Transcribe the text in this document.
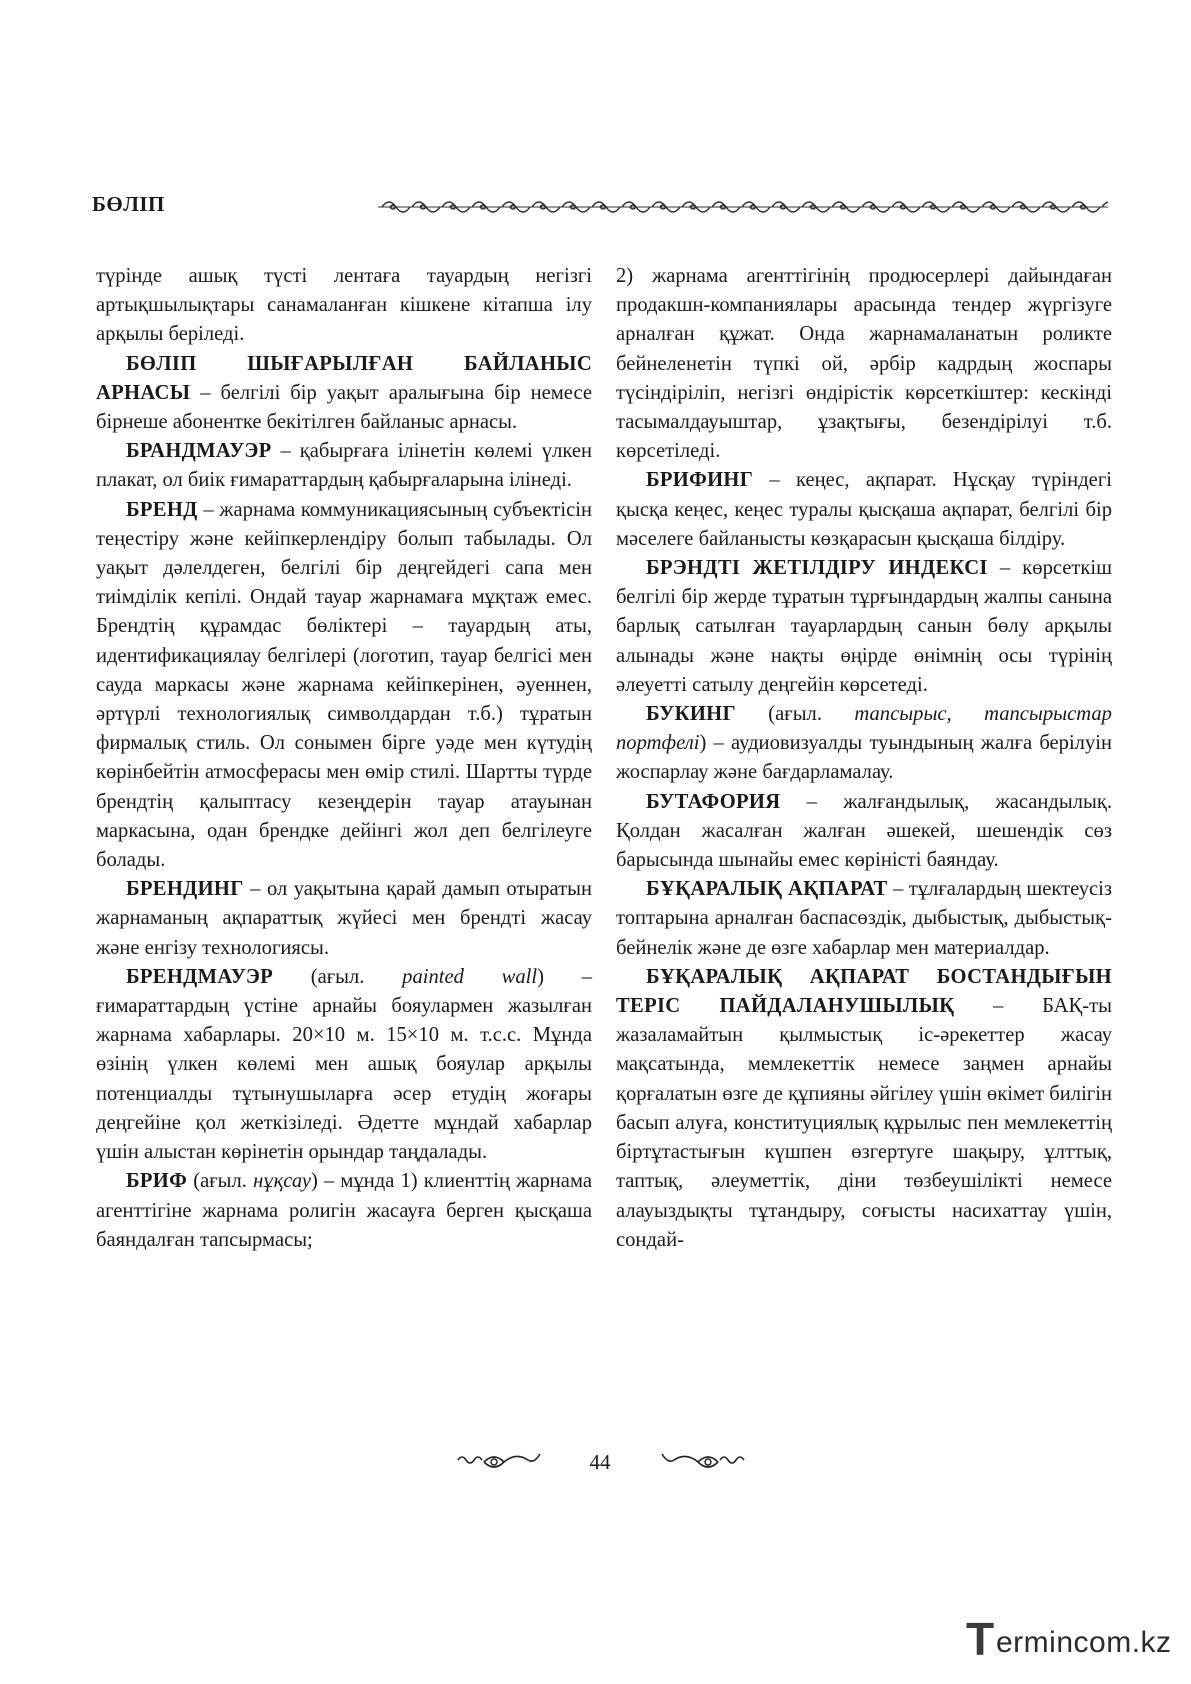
БӨЛІП

түрінде ашық түсті лентаға тауардың негізгі артықшылықтары санамаланған кішкене кітапша ілу арқылы беріледі.

БӨЛІП ШЫҒАРЫЛҒАН БАЙЛАНЫС АРНАСЫ – белгілі бір уақыт аралығына бір немесе бірнеше абонентке бекітілген байланыс арнасы.

БРАНДМАУЭР – қабырғаға ілінетін көлемі үлкен плакат, ол биік ғимараттардың қабырғаларына ілінеді.

БРЕНД – жарнама коммуникациясының субъектісін теңестіру және кейіпкерлендіру болып табылады. Ол уақыт дәлелдеген, белгілі бір деңгейдегі сапа мен тиімділік кепілі. Ондай тауар жарнамаға мұқтаж емес. Брендтің құрамдас бөліктері – тауардың аты, идентификациялау белгілері (логотип, тауар белгісі мен сауда маркасы және жарнама кейіпкерінен, әуеннен, әртүрлі технологиялық символдардан т.б.) тұратын фирмалық стиль. Ол сонымен бірге уәде мен күтудің көрінбейтін атмосферасы мен өмір стилі. Шартты түрде брендтің қалыптасу кезеңдерін тауар атауынан маркасына, одан брендке дейінгі жол деп белгілеуге болады.

БРЕНДИНГ – ол уақытына қарай дамып отыратын жарнаманың ақпараттық жүйесі мен брендті жасау және енгізу технологиясы.

БРЕНДМАУЭР (ағыл. painted wall) – ғимараттардың үстіне арнайы бояулармен жазылған жарнама хабарлары. 20×10 м. 15×10 м. т.с.с. Мұнда өзінің үлкен көлемі мен ашық бояулар арқылы потенциалды тұтынушыларға әсер етудің жоғары деңгейіне қол жеткізіледі. Әдетте мұндай хабарлар үшін алыстан көрінетін орындар таңдалады.

БРИФ (ағыл. нұқсау) – мұнда 1) клиенттің жарнама агенттігіне жарнама ролигін жасауға берген қысқаша баяндалған тапсырмасы;

2) жарнама агенттігінің продюсерлері дайындаған продакшн-компаниялары арасында тендер жүргізуге арналған құжат. Онда жарнамаланатын роликте бейнеленетін түпкі ой, әрбір кадрдың жоспары түсіндіріліп, негізгі өндірістік көрсеткіштер: кескінді тасымалдауыштар, ұзақтығы, безендірілуі т.б. көрсетіледі.

БРИФИНГ – кеңес, ақпарат. Нұсқау түріндегі қысқа кеңес, кеңес туралы қысқаша ақпарат, белгілі бір мәселеге байланысты көзқарасын қысқаша білдіру.

БРЭНДТІ ЖЕТІЛДІРУ ИНДЕКСІ – көрсеткіш белгілі бір жерде тұратын тұрғындардың жалпы санына барлық сатылған тауарлардың санын бөлу арқылы алынады және нақты өңірде өнімнің осы түрінің әлеуетті сатылу деңгейін көрсетеді.

БУКИНГ (ағыл. тапсырыс, тапсырыстар портфелі) – аудиовизуалды туындының жалға берілуін жоспарлау және бағдарламалау.

БУТАФОРИЯ – жалғандылық, жасандылық. Қолдан жасалған жалған әшекей, шешендік сөз барысында шынайы емес көріністі баяндау.

БҰҚАРАЛЫҚ АҚПАРАТ – тұлғалардың шектеусіз топтарына арналған баспасөздік, дыбыстық, дыбыстық-бейнелік және де өзге хабарлар мен материалдар.

БҰҚАРАЛЫҚ АҚПАРАТ БОСТАНДЫҒЫН ТЕРІС ПАЙДАЛАНУШЫЛЫҚ – БАҚ-ты жазаламайтын қылмыстық іс-әрекеттер жасау мақсатында, мемлекеттік немесе заңмен арнайы қорғалатын өзге де құпияны әйгілеу үшін өкімет билігін басып алуға, конституциялық құрылыс пен мемлекеттің біртұтастығын күшпен өзгертуге шақыру, ұлттық, таптық, әлеуметтік, діни төзбеушілікті немесе алауыздықты тұтандыру, соғысты насихаттау үшін, сондай-

44
T ermincom.kz
